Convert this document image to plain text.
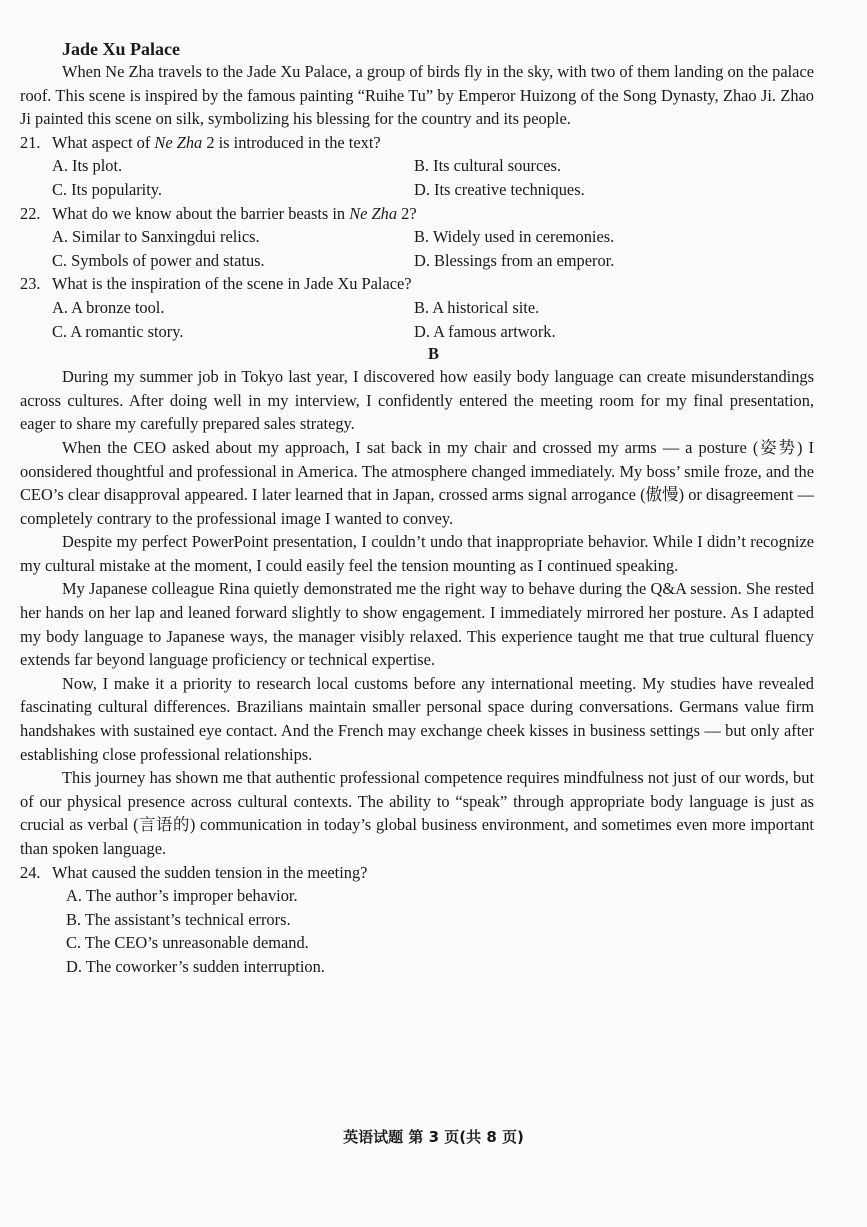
Jade Xu Palace

When Ne Zha travels to the Jade Xu Palace, a group of birds fly in the sky, with two of them landing on the palace roof. This scene is inspired by the famous painting “Ruihe Tu” by Emperor Huizong of the Song Dynasty, Zhao Ji. Zhao Ji painted this scene on silk, symbolizing his blessing for the country and its people.

21. What aspect of Ne Zha 2 is introduced in the text?
A. Its plot.	B. Its cultural sources.
C. Its popularity.	D. Its creative techniques.
22. What do we know about the barrier beasts in Ne Zha 2?
A. Similar to Sanxingdui relics.	B. Widely used in ceremonies.
C. Symbols of power and status.	D. Blessings from an emperor.
23. What is the inspiration of the scene in Jade Xu Palace?
A. A bronze tool.	B. A historical site.
C. A romantic story.	D. A famous artwork.
B

During my summer job in Tokyo last year, I discovered how easily body language can create misunderstandings across cultures. After doing well in my interview, I confidently entered the meeting room for my final presentation, eager to share my carefully prepared sales strategy.

When the CEO asked about my approach, I sat back in my chair and crossed my arms — a posture (姿势) I oonsidered thoughtful and professional in America. The atmosphere changed immediately. My boss’ smile froze, and the CEO’s clear disapproval appeared. I later learned that in Japan, crossed arms signal arrogance (傲慢) or disagreement — completely contrary to the professional image I wanted to convey.

Despite my perfect PowerPoint presentation, I couldn’t undo that inappropriate behavior. While I didn’t recognize my cultural mistake at the moment, I could easily feel the tension mounting as I continued speaking.

My Japanese colleague Rina quietly demonstrated me the right way to behave during the Q&A session. She rested her hands on her lap and leaned forward slightly to show engagement. I immediately mirrored her posture. As I adapted my body language to Japanese ways, the manager visibly relaxed. This experience taught me that true cultural fluency extends far beyond language proficiency or technical expertise.

Now, I make it a priority to research local customs before any international meeting. My studies have revealed fascinating cultural differences. Brazilians maintain smaller personal space during conversations. Germans value firm handshakes with sustained eye contact. And the French may exchange cheek kisses in business settings — but only after establishing close professional relationships.

This journey has shown me that authentic professional competence requires mindfulness not just of our words, but of our physical presence across cultural contexts. The ability to “speak” through appropriate body language is just as crucial as verbal (言语的) communication in today’s global business environment, and sometimes even more important than spoken language.

24. What caused the sudden tension in the meeting?
A. The author’s improper behavior.
B. The assistant’s technical errors.
C. The CEO’s unreasonable demand.
D. The coworker’s sudden interruption.
英语试题 第 3 页(共 8 页)
